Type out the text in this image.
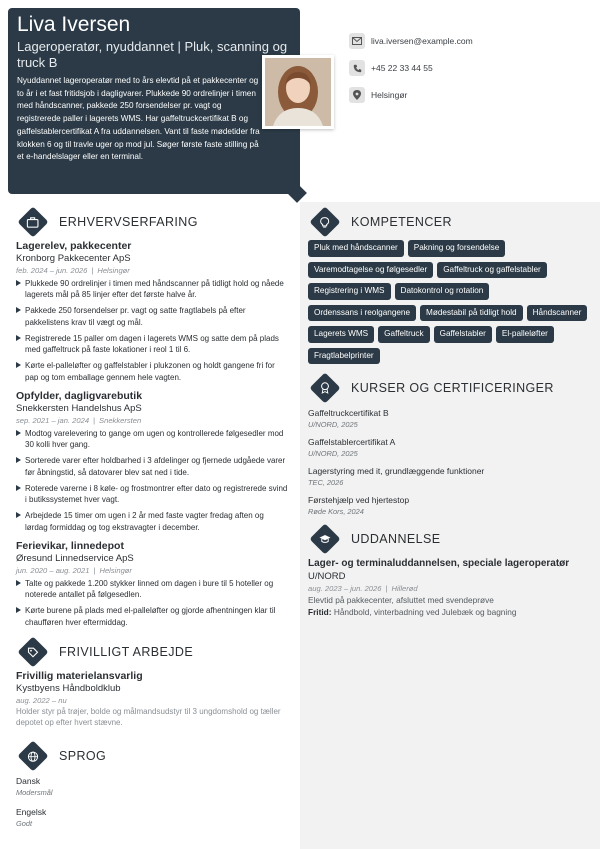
Liva Iversen
Lageroperatør, nyuddannet | Pluk, scanning og truck B
Nyuddannet lageroperatør med to års elevtid på et pakkecenter og to år i et fast fritidsjob i dagligvarer. Plukkede 90 ordrelinjer i timen med håndscanner, pakkede 250 forsendelser pr. vagt og registrerede paller i lagerets WMS. Har gaffeltruckcertifikat B og gaffelstablercertifikat A fra uddannelsen. Vant til faste mødetider fra klokken 6 og til travle uger op mod jul. Søger første faste stilling på et e-handelslager eller en terminal.
liva.iversen@example.com
+45 22 33 44 55
Helsingør
ERHVERVSERFARING
Lagerelev, pakkecenter
Kronborg Pakkecenter ApS
feb. 2024 – jun. 2026 | Helsingør
Plukkede 90 ordrelinjer i timen med håndscanner på tidligt hold og nåede lagerets mål på 85 linjer efter det første halve år.
Pakkede 250 forsendelser pr. vagt og satte fragtlabels på efter pakkelistens krav til vægt og mål.
Registrerede 15 paller om dagen i lagerets WMS og satte dem på plads med gaffeltruck på faste lokationer i reol 1 til 6.
Kørte el-palleløfter og gaffelstabler i plukzonen og holdt gangene fri for pap og tom emballage gennem hele vagten.
Opfylder, dagligvarebutik
Snekkersten Handelshus ApS
sep. 2021 – jan. 2024 | Snekkersten
Modtog varelevering to gange om ugen og kontrollerede følgesedler mod 30 kolli hver gang.
Sorterede varer efter holdbarhed i 3 afdelinger og fjernede udgåede varer før åbningstid, så datovarer blev sat ned i tide.
Roterede varerne i 8 køle- og frostmontrer efter dato og registrerede svind i butikssystemet hver vagt.
Arbejdede 15 timer om ugen i 2 år med faste vagter fredag aften og lørdag formiddag og tog ekstravagter i december.
Ferievikar, linnedepot
Øresund Linnedservice ApS
jun. 2020 – aug. 2021 | Helsingør
Talte og pakkede 1.200 stykker linned om dagen i bure til 5 hoteller og noterede antallet på følgesedlen.
Kørte burene på plads med el-palleløfter og gjorde afhentningen klar til chaufføren hver eftermiddag.
FRIVILLIGT ARBEJDE
Frivillig materielansvarlig
Kystbyens Håndboldklub
aug. 2022 – nu
Holder styr på trøjer, bolde og målmandsudstyr til 3 ungdomshold og tæller depotet op efter hvert stævne.
SPROG
Dansk
Modersmål
Engelsk
Godt
KOMPETENCER
Pluk med håndscanner	Pakning og forsendelse
Varemodtagelse og følgesedler	Gaffeltruck og gaffelstabler
Registrering i WMS	Datokontrol og rotation
Ordenssans i reolgangene	Mødestabil på tidligt hold	Håndscanner
Lagerets WMS	Gaffeltruck	Gaffelstabler	El-palleløfter
Fragtlabelprinter
KURSER OG CERTIFICERINGER
Gaffeltruckcertifikat B
U/NORD, 2025
Gaffelstablercertifikat A
U/NORD, 2025
Lagerstyring med it, grundlæggende funktioner
TEC, 2026
Førstehjælp ved hjertestop
Røde Kors, 2024
UDDANNELSE
Lager- og terminaluddannelsen, speciale lageroperatør
U/NORD
aug. 2023 – jun. 2026 | Hillerød
Elevtid på pakkecenter, afsluttet med svendeprøve
Fritid: Håndbold, vinterbadning ved Julebæk og bagning
